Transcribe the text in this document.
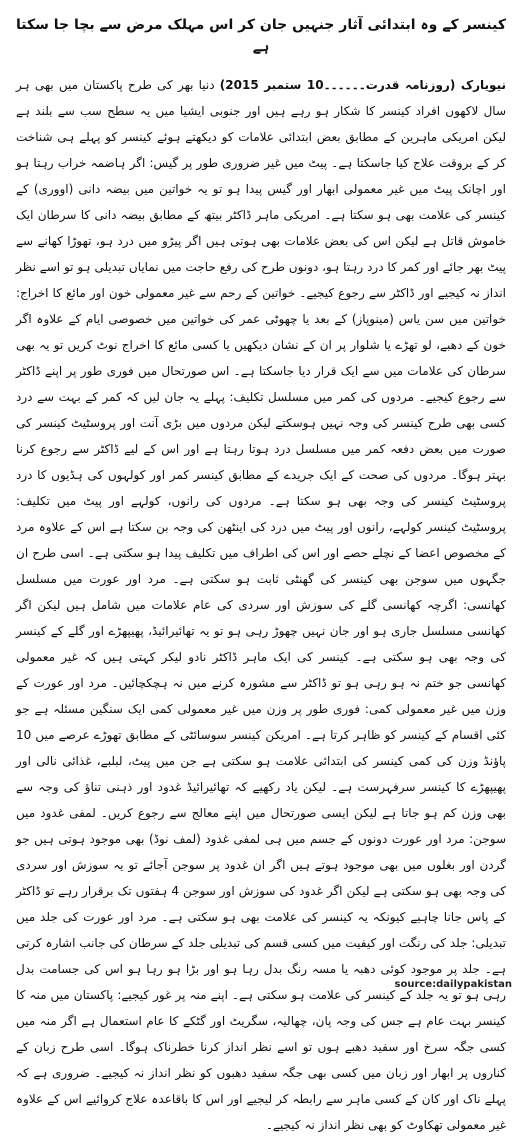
کینسر کے وہ ابتدائی آثار جنہیں جان کر اس مہلک مرض سے بچا جا سکتا ہے

نیویارک (روزنامہ قدرت۔۔۔۔۔۔10 ستمبر 2015) دنیا بھر کی طرح پاکستان میں بھی ہر سال لاکھوں افراد کینسر کا شکار ہو رہے ہیں اور جنوبی ایشیا میں یہ سطح سب سے بلند ہے لیکن امریکی ماہرین کے مطابق بعض ابتدائی علامات کو دیکھتے ہوئے کینسر کو پہلے ہی شناخت کر کے بروقت علاج کیا جاسکتا ہے۔ پیٹ میں غیر ضروری طور پر گیس: اگر ہاضمہ خراب رہتا ہو اور اچانک پیٹ میں غیر معمولی ابھار اور گیس پیدا ہو تو یہ خواتین میں بیضہ دانی (اووری) کے کینسر کی علامت بھی ہو سکتا ہے۔ امریکی ماہر ڈاکٹر بیتھ کے مطابق بیضہ دانی کا سرطان ایک خاموش قاتل ہے لیکن اس کی بعض علامات بھی ہوتی ہیں اگر پیڑو میں درد ہو، تھوڑا کھانے سے پیٹ بھر جائے اور کمر کا درد رہتا ہو، دونوں طرح کی رفع حاجت میں نمایاں تبدیلی ہو تو اسے نظر انداز نہ کیجیے اور ڈاکٹر سے رجوع کیجیے۔ خواتین کے رحم سے غیر معمولی خون اور مائع کا اخراج: خواتین میں سن یاس (مینوپاز) کے بعد یا چھوٹی عمر کی خواتین میں خصوصی ایام کے علاوہ اگر خون کے دھبے، لو تھڑے یا شلوار پر ان کے نشان دیکھیں یا کسی مائع کا اخراج نوٹ کریں تو یہ بھی سرطان کی علامات میں سے ایک قرار دیا جاسکتا ہے۔ اس صورتحال میں فوری طور پر اپنے ڈاکٹر سے رجوع کیجیے۔ مردوں کی کمر میں مسلسل تکلیف: پہلے یہ جان لیں کہ کمر کے بہت سے درد کسی بھی طرح کینسر کی وجہ نہیں ہوسکتے لیکن مردوں میں بڑی آنت اور پروسٹیٹ کینسر کی صورت میں بعض دفعہ کمر میں مسلسل درد ہوتا رہتا ہے اور اس کے لیے ڈاکٹر سے رجوع کرنا بہتر ہوگا۔ مردوں کی صحت کے ایک جریدے کے مطابق کینسر کمر اور کولہوں کی ہڈیوں کا درد پروسٹیٹ کینسر کی وجہ بھی ہو سکتا ہے۔ مردوں کی رانوں، کولہے اور پیٹ میں تکلیف: پروسٹیٹ کینسر کولہے، رانوں اور پیٹ میں درد کی اینٹھن کی وجہ بن سکتا ہے اس کے علاوہ مرد کے مخصوص اعضا کے نچلے حصے اور اس کی اطراف میں تکلیف پیدا ہو سکتی ہے۔ اسی طرح ان جگہوں میں سوجن بھی کینسر کی گھنٹی ثابت ہو سکتی ہے۔ مرد اور عورت میں مسلسل کھانسی: اگرچہ کھانسی گلے کی سوزش اور سردی کی عام علامات میں شامل ہیں لیکن اگر کھانسی مسلسل جاری ہو اور جان نہیں چھوڑ رہی ہو تو یہ تھائیرائیڈ، پھیپھڑے اور گلے کے کینسر کی وجہ بھی ہو سکتی ہے۔ کینسر کی ایک ماہر ڈاکٹر نادو لیکر کہتی ہیں کہ غیر معمولی کھانسی جو ختم نہ ہو رہی ہو تو ڈاکٹر سے مشورہ کرنے میں نہ ہچکچائیں۔ مرد اور عورت کے وزن میں غیر معمولی کمی: فوری طور پر وزن میں غیر معمولی کمی ایک سنگین مسئلہ ہے جو کئی اقسام کے کینسر کو ظاہر کرتا ہے۔ امریکن کینسر سوسائٹی کے مطابق تھوڑے عرصے میں 10 پاؤنڈ وزن کی کمی کینسر کی ابتدائی علامت ہو سکتی ہے جن میں پیٹ، لبلبے، غذائی نالی اور پھیپھڑے کا کینسر سرفہرست ہے۔ لیکن یاد رکھیے کہ تھائیرائیڈ غدود اور ذہنی تناؤ کی وجہ سے بھی وزن کم ہو جاتا ہے لیکن ایسی صورتحال میں اپنے معالج سے رجوع کریں۔ لمفی غدود میں سوجن: مرد اور عورت دونوں کے جسم میں ہی لمفی غدود (لمف نوڈ) بھی موجود ہوتی ہیں جو گردن اور بغلوں میں بھی موجود ہوتے ہیں اگر ان غدود پر سوجن آجائے تو یہ سوزش اور سردی کی وجہ بھی ہو سکتی ہے لیکن اگر غدود کی سوزش اور سوجن 4 ہفتوں تک برقرار رہے تو ڈاکٹر کے پاس جانا چاہیے کیونکہ یہ کینسر کی علامت بھی ہو سکتی ہے۔ مرد اور عورت کی جلد میں تبدیلی: جلد کی رنگت اور کیفیت میں کسی قسم کی تبدیلی جلد کے سرطان کی جانب اشارہ کرتی ہے۔ جلد پر موجود کوئی دھبہ یا مسہ رنگ بدل رہا ہو اور بڑا ہو رہا ہو اس کی جسامت بدل رہی ہو تو یہ جلد کے کینسر کی علامت ہو سکتی ہے۔ اپنے منہ پر غور کیجیے: پاکستان میں منہ کا کینسر بہت عام ہے جس کی وجہ پان، چھالیہ، سگریٹ اور گٹکے کا عام استعمال ہے اگر منہ میں کسی جگہ سرخ اور سفید دھبے ہوں تو اسے نظر انداز کرنا خطرناک ہوگا۔ اسی طرح زبان کے کناروں پر ابھار اور زبان میں کسی بھی جگہ سفید دھبوں کو نظر انداز نہ کیجیے۔ ضروری ہے کہ پہلے ناک اور کان کے کسی ماہر سے رابطہ کر لیجیے اور اس کا باقاعدہ علاج کروائیے اس کے علاوہ غیر معمولی تھکاوٹ کو بھی نظر انداز نہ کیجیے۔

source:dailypakistan
